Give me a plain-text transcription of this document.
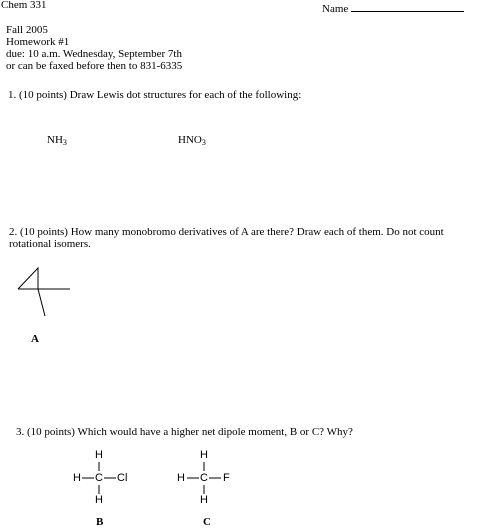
Chem 331	Name
Fall 2005
Homework #1
due: 10 a.m. Wednesday, September 7th
or can be faxed before then to 831-6335
1. (10 points) Draw Lewis dot structures for each of the following:
$NH_3$	$HNO_3$
2. (10 points) How many monobromo derivatives of A are there? Draw each of them. Do not count
rotational isomers.
A
3. (10 points) Which would have a higher net dipole moment, B or C? Why?
H
H C Cl
H
B
H
H C F
H
C
